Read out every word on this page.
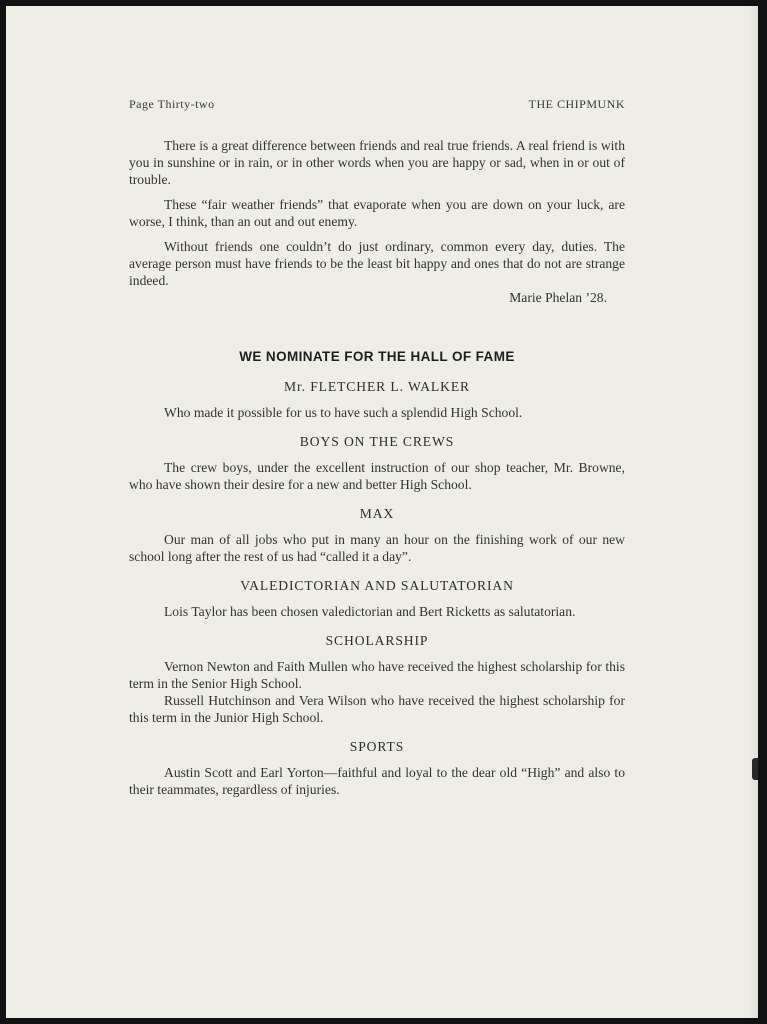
Page Thirty-two	THE CHIPMUNK

There is a great difference between friends and real true friends. A real friend is with you in sunshine or in rain, or in other words when you are happy or sad, when in or out of trouble.

These “fair weather friends” that evaporate when you are down on your luck, are worse, I think, than an out and out enemy.

Without friends one couldn’t do just ordinary, common every day, duties. The average person must have friends to be the least bit happy and ones that do not are strange indeed.

Marie Phelan ’28.

WE NOMINATE FOR THE HALL OF FAME
Mr. FLETCHER L. WALKER

Who made it possible for us to have such a splendid High School.

BOYS ON THE CREWS

The crew boys, under the excellent instruction of our shop teacher, Mr. Browne, who have shown their desire for a new and better High School.

MAX

Our man of all jobs who put in many an hour on the finishing work of our new school long after the rest of us had “called it a day”.

VALEDICTORIAN AND SALUTATORIAN

Lois Taylor has been chosen valedictorian and Bert Ricketts as salutatorian.

SCHOLARSHIP

Vernon Newton and Faith Mullen who have received the highest scholarship for this term in the Senior High School.

Russell Hutchinson and Vera Wilson who have received the highest scholarship for this term in the Junior High School.

SPORTS

Austin Scott and Earl Yorton—faithful and loyal to the dear old “High” and also to their teammates, regardless of injuries.
